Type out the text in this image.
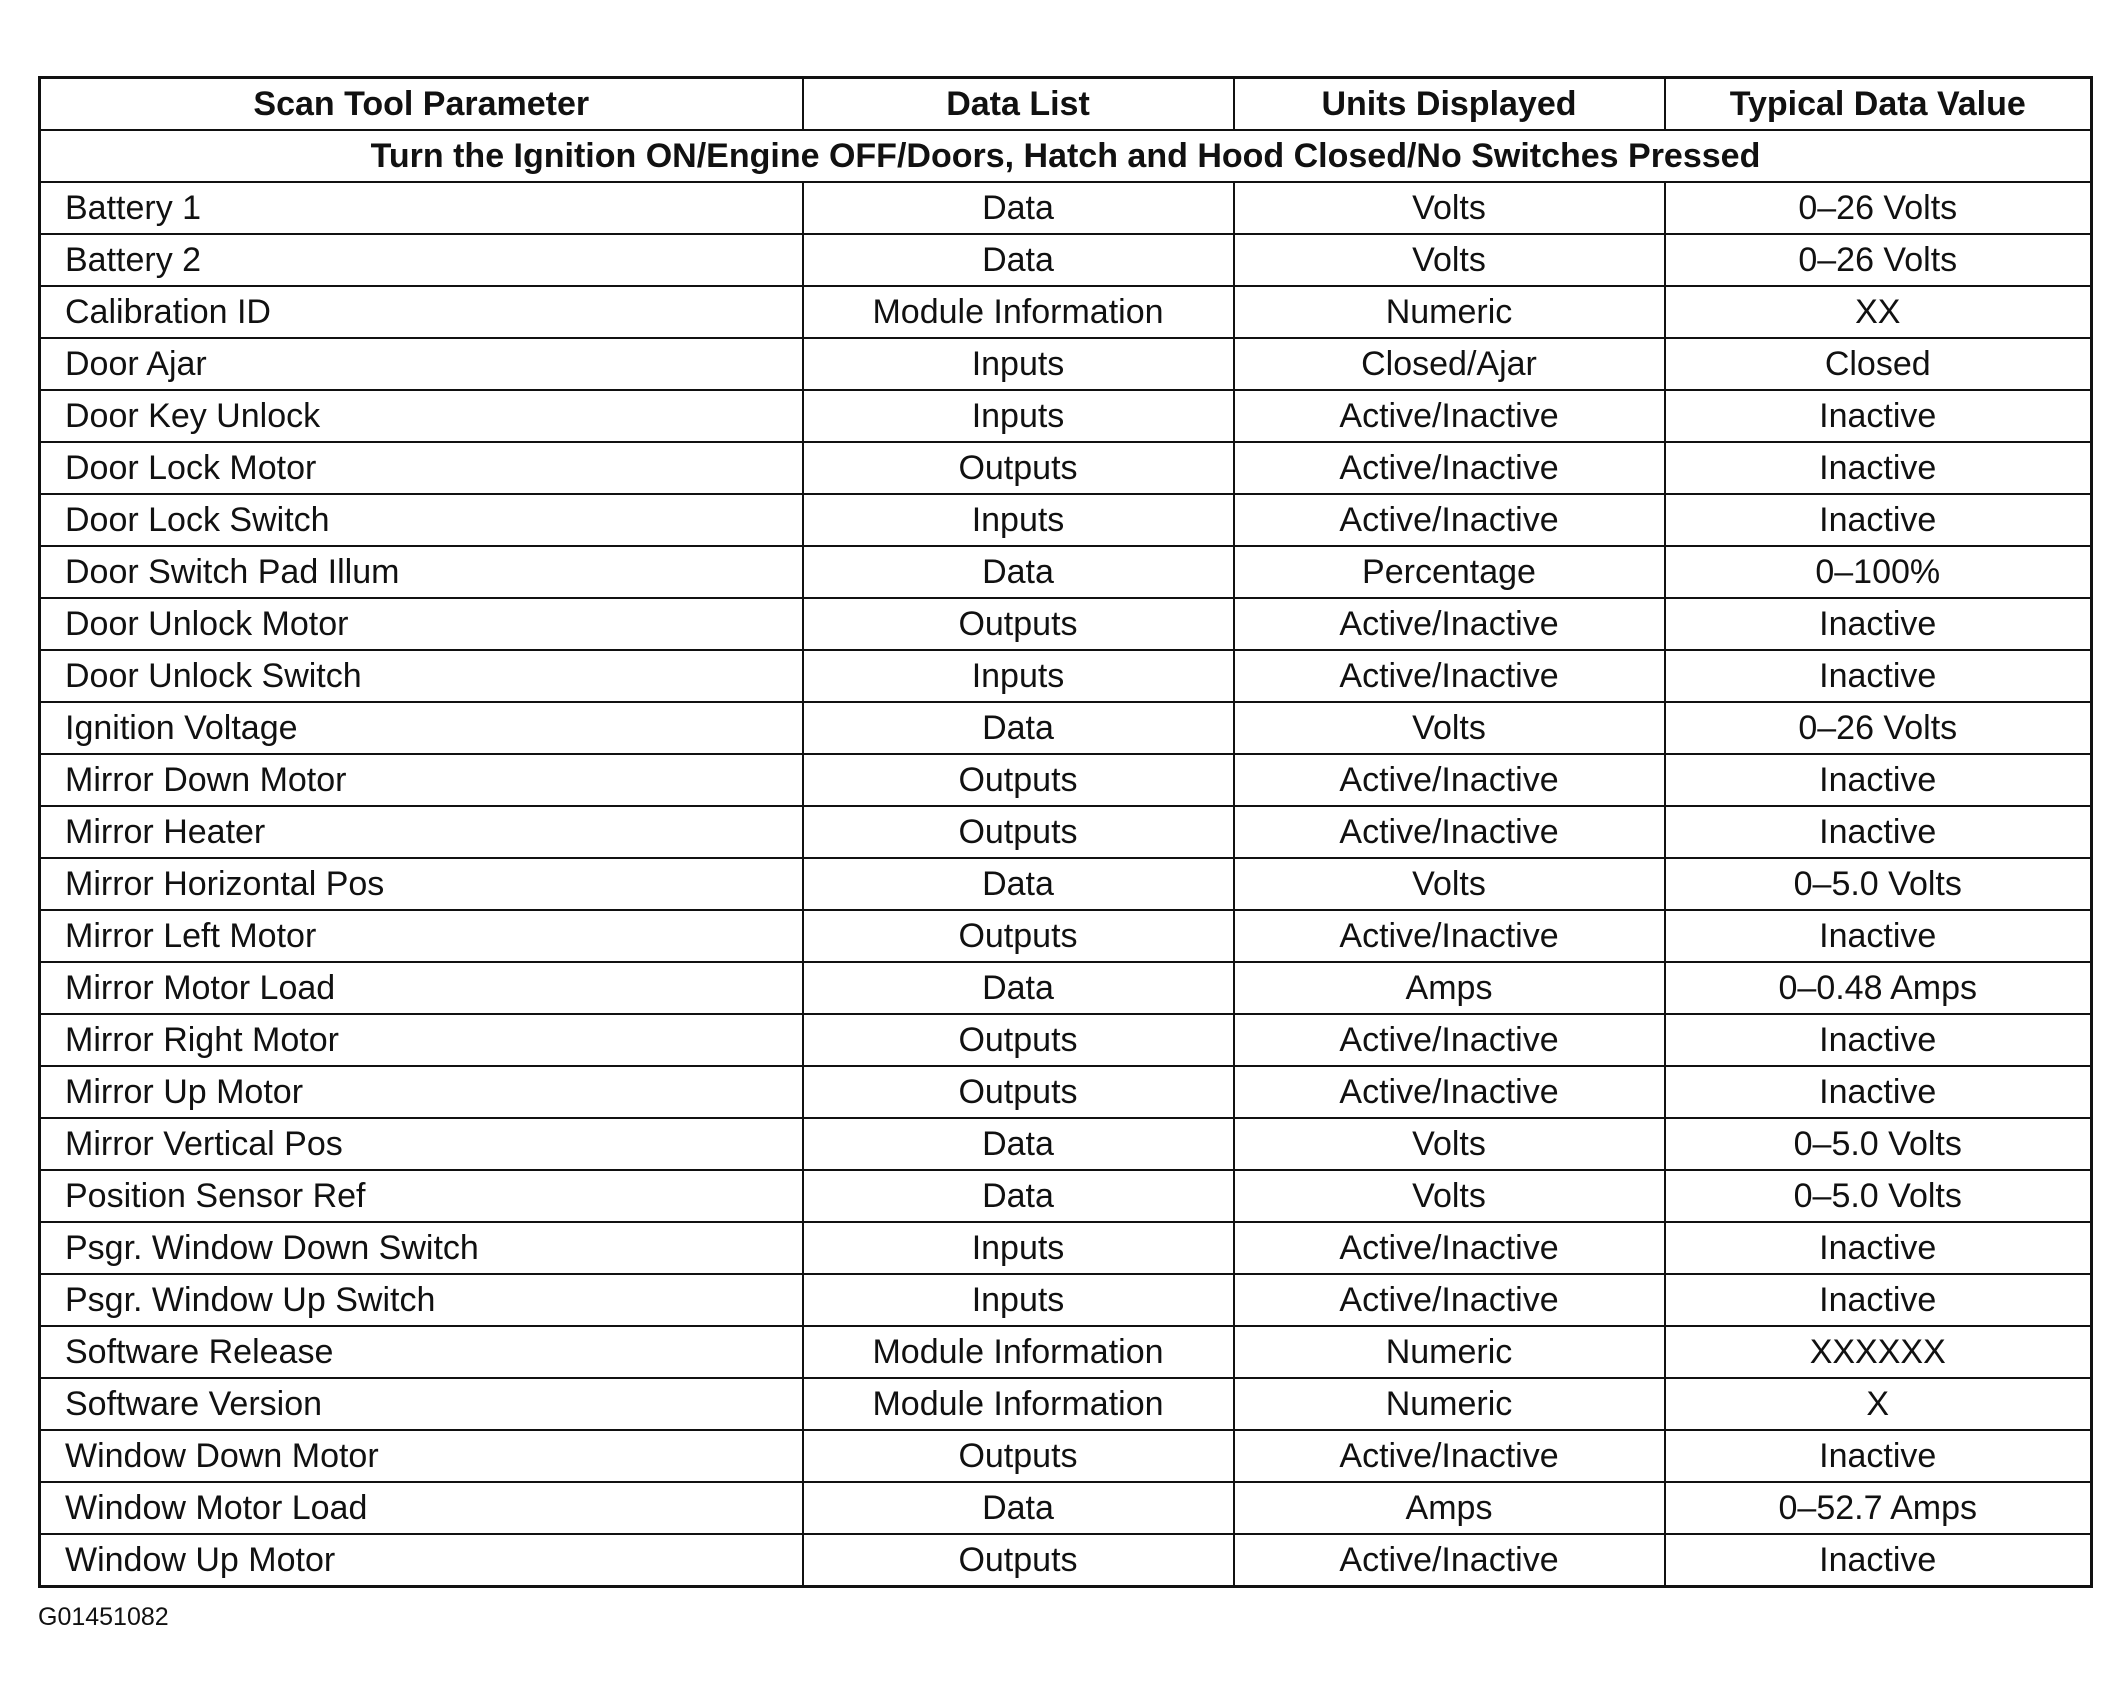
Scan Tool Parameter	Data List	Units Displayed	Typical Data Value
Turn the Ignition ON/Engine OFF/Doors, Hatch and Hood Closed/No Switches Pressed			
Battery 1	Data	Volts	0–26 Volts
Battery 2	Data	Volts	0–26 Volts
Calibration ID	Module Information	Numeric	XX
Door Ajar	Inputs	Closed/Ajar	Closed
Door Key Unlock	Inputs	Active/Inactive	Inactive
Door Lock Motor	Outputs	Active/Inactive	Inactive
Door Lock Switch	Inputs	Active/Inactive	Inactive
Door Switch Pad Illum	Data	Percentage	0–100%
Door Unlock Motor	Outputs	Active/Inactive	Inactive
Door Unlock Switch	Inputs	Active/Inactive	Inactive
Ignition Voltage	Data	Volts	0–26 Volts
Mirror Down Motor	Outputs	Active/Inactive	Inactive
Mirror Heater	Outputs	Active/Inactive	Inactive
Mirror Horizontal Pos	Data	Volts	0–5.0 Volts
Mirror Left Motor	Outputs	Active/Inactive	Inactive
Mirror Motor Load	Data	Amps	0–0.48 Amps
Mirror Right Motor	Outputs	Active/Inactive	Inactive
Mirror Up Motor	Outputs	Active/Inactive	Inactive
Mirror Vertical Pos	Data	Volts	0–5.0 Volts
Position Sensor Ref	Data	Volts	0–5.0 Volts
Psgr. Window Down Switch	Inputs	Active/Inactive	Inactive
Psgr. Window Up Switch	Inputs	Active/Inactive	Inactive
Software Release	Module Information	Numeric	XXXXXX
Software Version	Module Information	Numeric	X
Window Down Motor	Outputs	Active/Inactive	Inactive
Window Motor Load	Data	Amps	0–52.7 Amps
Window Up Motor	Outputs	Active/Inactive	Inactive
G01451082
